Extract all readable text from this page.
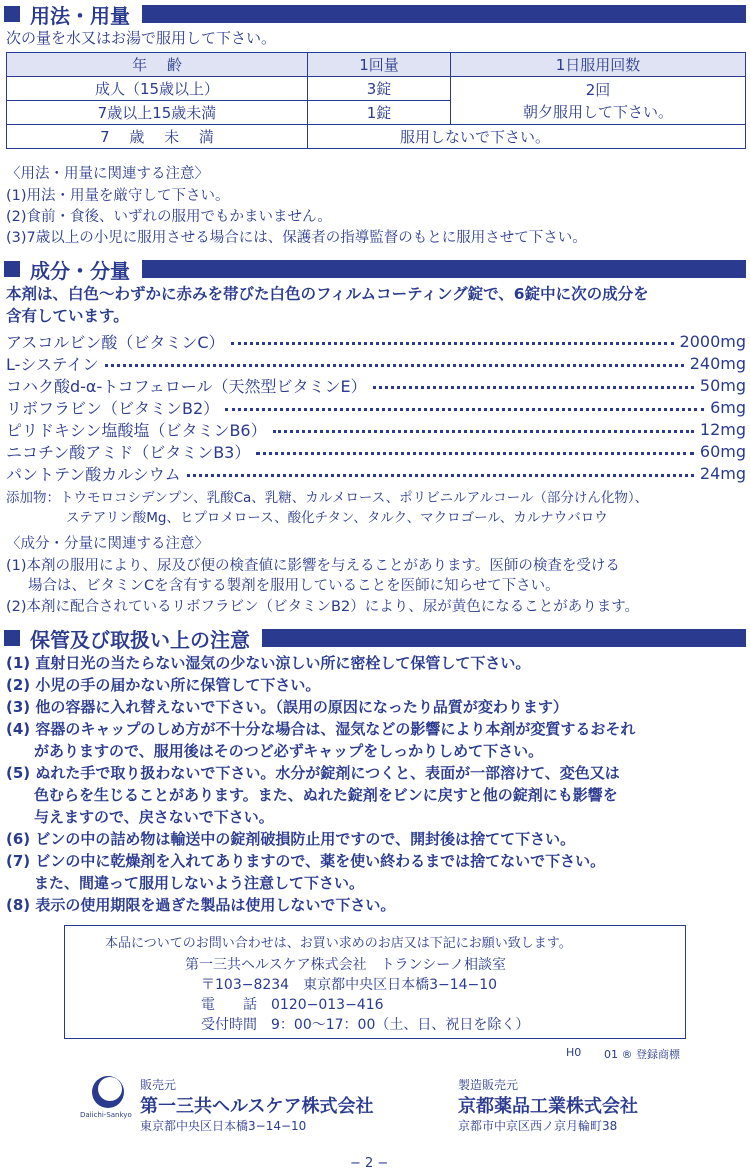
用法・用量
次の量を水又はお湯で服用して下さい。
年　 齢	1回量	1日服用回数
成人（15歳以上）	3錠	2回
朝夕服用して下さい。

7歳以上15歳未満	1錠	
7　 歳　 未　 満	服用しないで下さい。	
〈用法・用量に関連する注意〉
(1)用法・用量を厳守して下さい。
(2)食前・食後、いずれの服用でもかまいません。
(3)7歳以上の小児に服用させる場合には、保護者の指導監督のもとに服用させて下さい。
成分・分量
本剤は、白色〜わずかに赤みを帯びた白色のフィルムコーティング錠で、6錠中に次の成分を
含有しています。
アスコルビン酸（ビタミンC）	2000mg
L-システイン	240mg
コハク酸d-α-トコフェロール（天然型ビタミンE）	50mg
リボフラビン（ビタミンB2）	6mg
ピリドキシン塩酸塩（ビタミンB6）	12mg
ニコチン酸アミド（ビタミンB3）	60mg
パントテン酸カルシウム	24mg
添加物：トウモロコシデンプン、乳酸Ca、乳糖、カルメロース、ポリビニルアルコール（部分けん化物）、
ステアリン酸Mg、ヒプロメロース、酸化チタン、タルク、マクロゴール、カルナウバロウ
〈成分・分量に関連する注意〉
(1)本剤の服用により、尿及び便の検査値に影響を与えることがあります。医師の検査を受ける
場合は、ビタミンCを含有する製剤を服用していることを医師に知らせて下さい。
(2)本剤に配合されているリボフラビン（ビタミンB2）により、尿が黄色になることがあります。
保管及び取扱い上の注意
(1) 直射日光の当たらない湿気の少ない涼しい所に密栓して保管して下さい。
(2) 小児の手の届かない所に保管して下さい。
(3) 他の容器に入れ替えないで下さい。（誤用の原因になったり品質が変わります）
(4) 容器のキャップのしめ方が不十分な場合は、湿気などの影響により本剤が変質するおそれ
がありますので、服用後はそのつど必ずキャップをしっかりしめて下さい。
(5) ぬれた手で取り扱わないで下さい。水分が錠剤につくと、表面が一部溶けて、変色又は
色むらを生じることがあります。また、ぬれた錠剤をビンに戻すと他の錠剤にも影響を
与えますので、戻さないで下さい。
(6) ビンの中の詰め物は輸送中の錠剤破損防止用ですので、開封後は捨てて下さい。
(7) ビンの中に乾燥剤を入れてありますので、薬を使い終わるまでは捨てないで下さい。
また、間違って服用しないよう注意して下さい。
(8) 表示の使用期限を過ぎた製品は使用しないで下さい。
本品についてのお問い合わせは、お買い求めのお店又は下記にお願い致します。
第一三共ヘルスケア株式会社　トランシーノ相談室
〒103−8234　東京都中央区日本橋3−14−10
電　　話　0120−013−416
受付時間　9：00〜17：00（土、日、祝日を除く）
H0 01 ® 登録商標
Daiichi-Sankyo
販売元
第一三共ヘルスケア株式会社
東京都中央区日本橋3−14−10
製造販売元
京都薬品工業株式会社
京都市中京区西ノ京月輪町38
− 2 −
